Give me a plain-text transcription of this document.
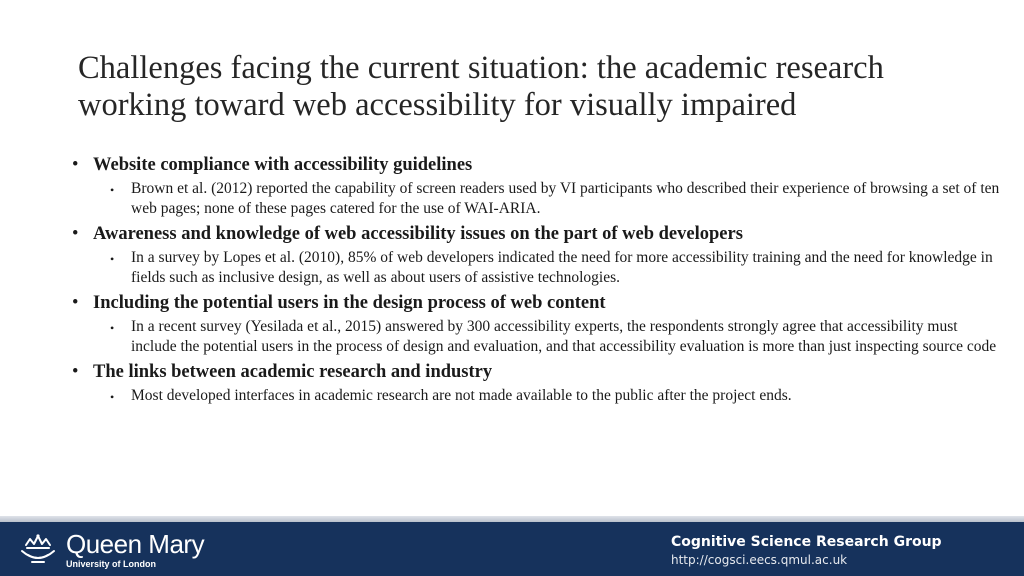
Challenges facing the current situation: the academic research working toward web accessibility for visually impaired
• Website compliance with accessibility guidelines
• Brown et al. (2012) reported the capability of screen readers used by VI participants who described their experience of browsing a set of ten web pages; none of these pages catered for the use of WAI-ARIA.
• Awareness and knowledge of web accessibility issues on the part of web developers
• In a survey by Lopes et al. (2010), 85% of web developers indicated the need for more accessibility training and the need for knowledge in fields such as inclusive design, as well as about users of assistive technologies.
• Including the potential users in the design process of web content
• In a recent survey (Yesilada et al., 2015) answered by 300 accessibility experts, the respondents strongly agree that accessibility must include the potential users in the process of design and evaluation, and that accessibility evaluation is more than just inspecting source code
• The links between academic research and industry
• Most developed interfaces in academic research are not made available to the public after the project ends.
Queen Mary
University of London
Cognitive Science Research Group
http://cogsci.eecs.qmul.ac.uk
